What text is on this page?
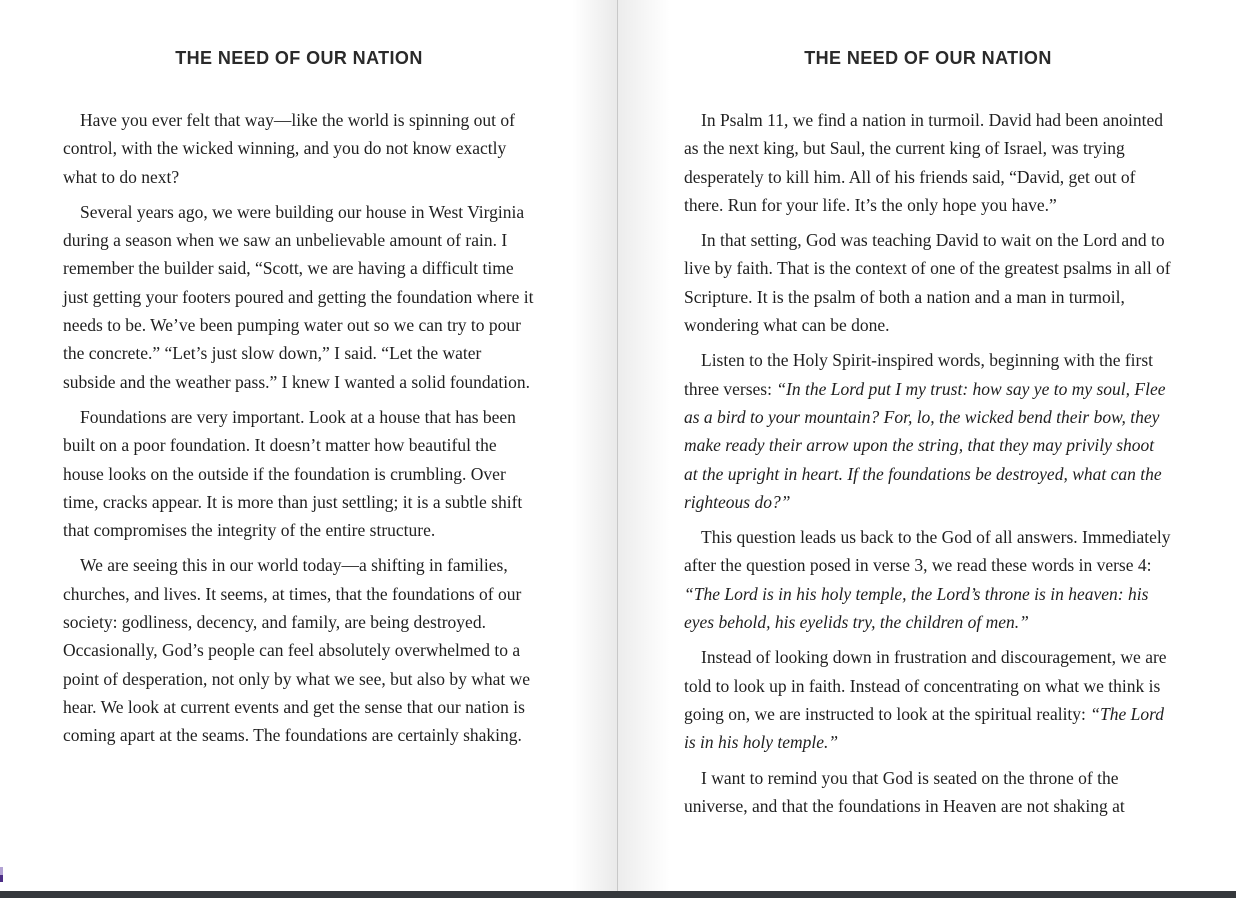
THE NEED OF OUR NATION

Have you ever felt that way—like the world is spinning out of control, with the wicked winning, and you do not know exactly what to do next?

Several years ago, we were building our house in West Virginia during a season when we saw an unbelievable amount of rain. I remember the builder said, “Scott, we are having a difficult time just getting your footers poured and getting the foundation where it needs to be. We’ve been pumping water out so we can try to pour the concrete.” “Let’s just slow down,” I said. “Let the water subside and the weather pass.” I knew I wanted a solid foundation.

Foundations are very important. Look at a house that has been built on a poor foundation. It doesn’t matter how beautiful the house looks on the outside if the foundation is crumbling. Over time, cracks appear. It is more than just settling; it is a subtle shift that compromises the integrity of the entire structure.

We are seeing this in our world today—a shifting in families, churches, and lives. It seems, at times, that the foundations of our society: godliness, decency, and family, are being destroyed. Occasionally, God’s people can feel absolutely overwhelmed to a point of desperation, not only by what we see, but also by what we hear. We look at current events and get the sense that our nation is coming apart at the seams. The foundations are certainly shaking.

THE NEED OF OUR NATION

In Psalm 11, we find a nation in turmoil. David had been anointed as the next king, but Saul, the current king of Israel, was trying desperately to kill him. All of his friends said, “David, get out of there. Run for your life. It’s the only hope you have.”

In that setting, God was teaching David to wait on the Lord and to live by faith. That is the context of one of the greatest psalms in all of Scripture. It is the psalm of both a nation and a man in turmoil, wondering what can be done.

Listen to the Holy Spirit-inspired words, beginning with the first three verses: “In the Lord put I my trust: how say ye to my soul, Flee as a bird to your mountain? For, lo, the wicked bend their bow, they make ready their arrow upon the string, that they may privily shoot at the upright in heart. If the foundations be destroyed, what can the righteous do?”

This question leads us back to the God of all answers. Immediately after the question posed in verse 3, we read these words in verse 4: “The Lord is in his holy temple, the Lord’s throne is in heaven: his eyes behold, his eyelids try, the children of men.”

Instead of looking down in frustration and discouragement, we are told to look up in faith. Instead of concentrating on what we think is going on, we are instructed to look at the spiritual reality: “The Lord is in his holy temple.”

I want to remind you that God is seated on the throne of the universe, and that the foundations in Heaven are not shaking at
